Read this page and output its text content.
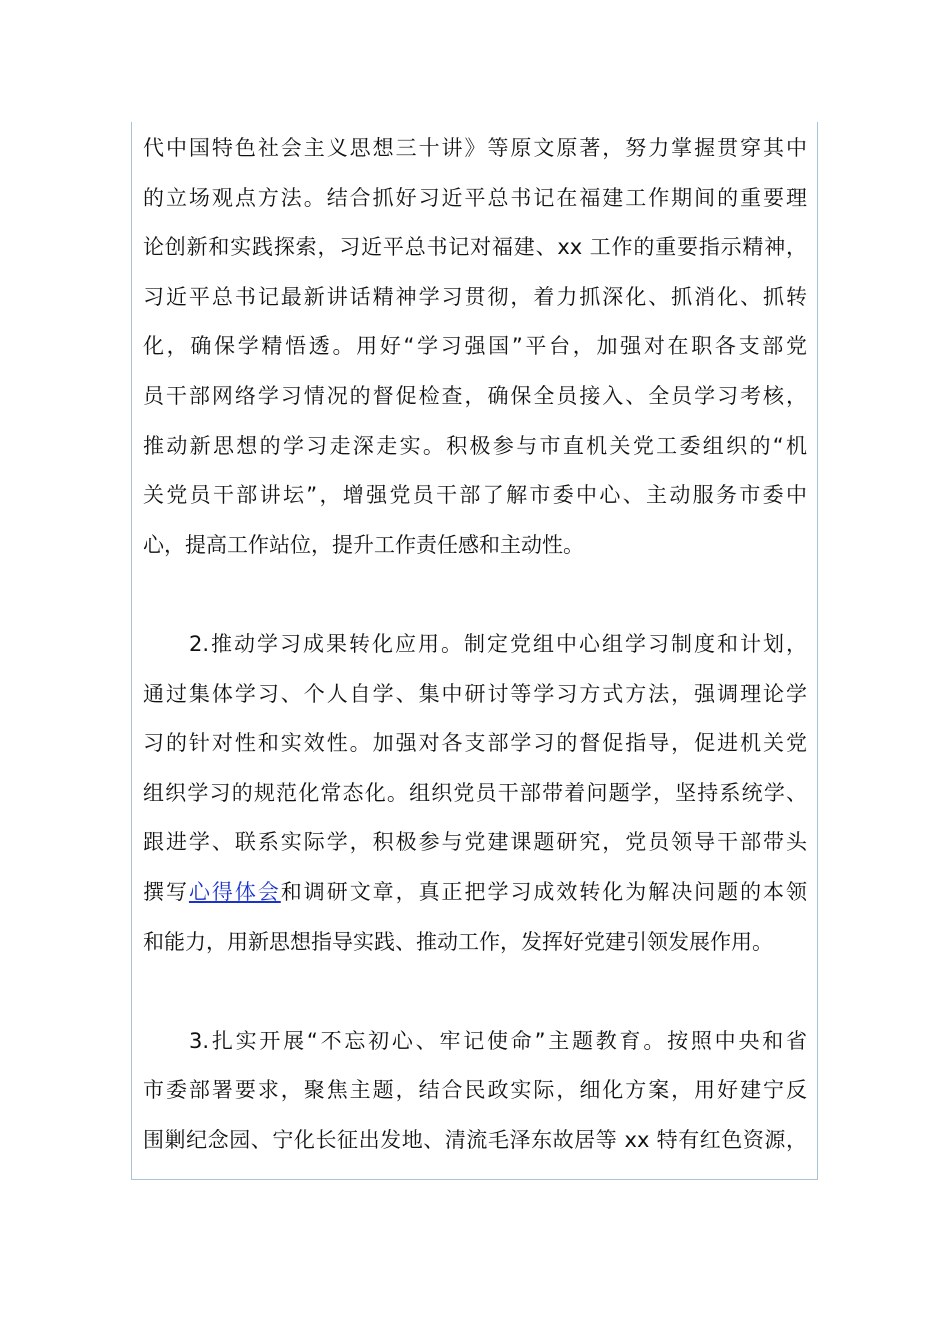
代中国特色社会主义思想三十讲》等原文原著，努力掌握贯穿其中
的立场观点方法。结合抓好习近平总书记在福建工作期间的重要理
论创新和实践探索，习近平总书记对福建、xx 工作的重要指示精神，
习近平总书记最新讲话精神学习贯彻，着力抓深化、抓消化、抓转
化，确保学精悟透。用好“学习强国”平台，加强对在职各支部党
员干部网络学习情况的督促检查，确保全员接入、全员学习考核，
推动新思想的学习走深走实。积极参与市直机关党工委组织的“机
关党员干部讲坛”，增强党员干部了解市委中心、主动服务市委中
心，提高工作站位，提升工作责任感和主动性。
2.推动学习成果转化应用。制定党组中心组学习制度和计划，
通过集体学习、个人自学、集中研讨等学习方式方法，强调理论学
习的针对性和实效性。加强对各支部学习的督促指导，促进机关党
组织学习的规范化常态化。组织党员干部带着问题学，坚持系统学、
跟进学、联系实际学，积极参与党建课题研究，党员领导干部带头
撰写心得体会和调研文章，真正把学习成效转化为解决问题的本领
和能力，用新思想指导实践、推动工作，发挥好党建引领发展作用。
3.扎实开展“不忘初心、牢记使命”主题教育。按照中央和省
市委部署要求，聚焦主题，结合民政实际，细化方案，用好建宁反
围剿纪念园、宁化长征出发地、清流毛泽东故居等 xx 特有红色资源，
